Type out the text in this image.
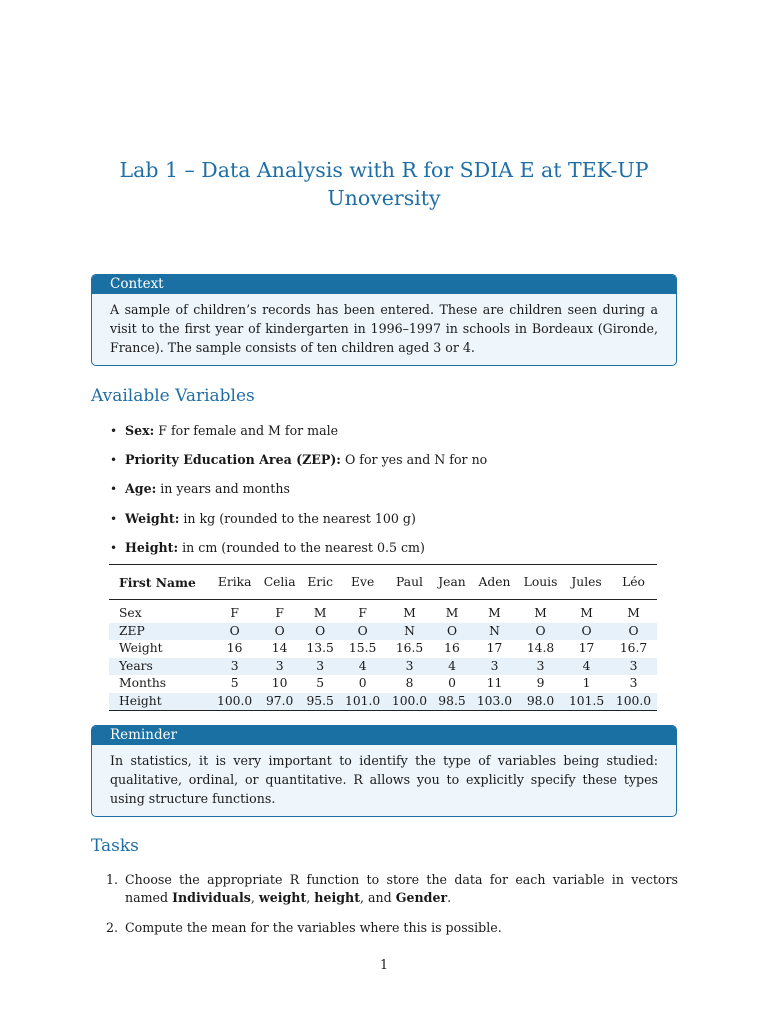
Lab 1 – Data Analysis with R for SDIA E at TEK-UP Unoversity
Context
A sample of children’s records has been entered. These are children seen during a visit to the first year of kindergarten in 1996–1997 in schools in Bordeaux (Gironde, France). The sample consists of ten children aged 3 or 4.
Available Variables
• Sex: F for female and M for male
• Priority Education Area (ZEP): O for yes and N for no
• Age: in years and months
• Weight: in kg (rounded to the nearest 100 g)
• Height: in cm (rounded to the nearest 0.5 cm)
First Name	Erika	Celia	Eric	Eve	Paul	Jean	Aden	Louis	Jules	Léo
Sex	F	F	M	F	M	M	M	M	M	M
ZEP	O	O	O	O	N	O	N	O	O	O
Weight	16	14	13.5	15.5	16.5	16	17	14.8	17	16.7
Years	3	3	3	4	3	4	3	3	4	3
Months	5	10	5	0	8	0	11	9	1	3
Height	100.0	97.0	95.5	101.0	100.0	98.5	103.0	98.0	101.5	100.0
Reminder
In statistics, it is very important to identify the type of variables being studied: qualitative, ordinal, or quantitative. R allows you to explicitly specify these types using structure functions.
Tasks
1. Choose the appropriate R function to store the data for each variable in vectors named Individuals, weight, height, and Gender.
2. Compute the mean for the variables where this is possible.
1
